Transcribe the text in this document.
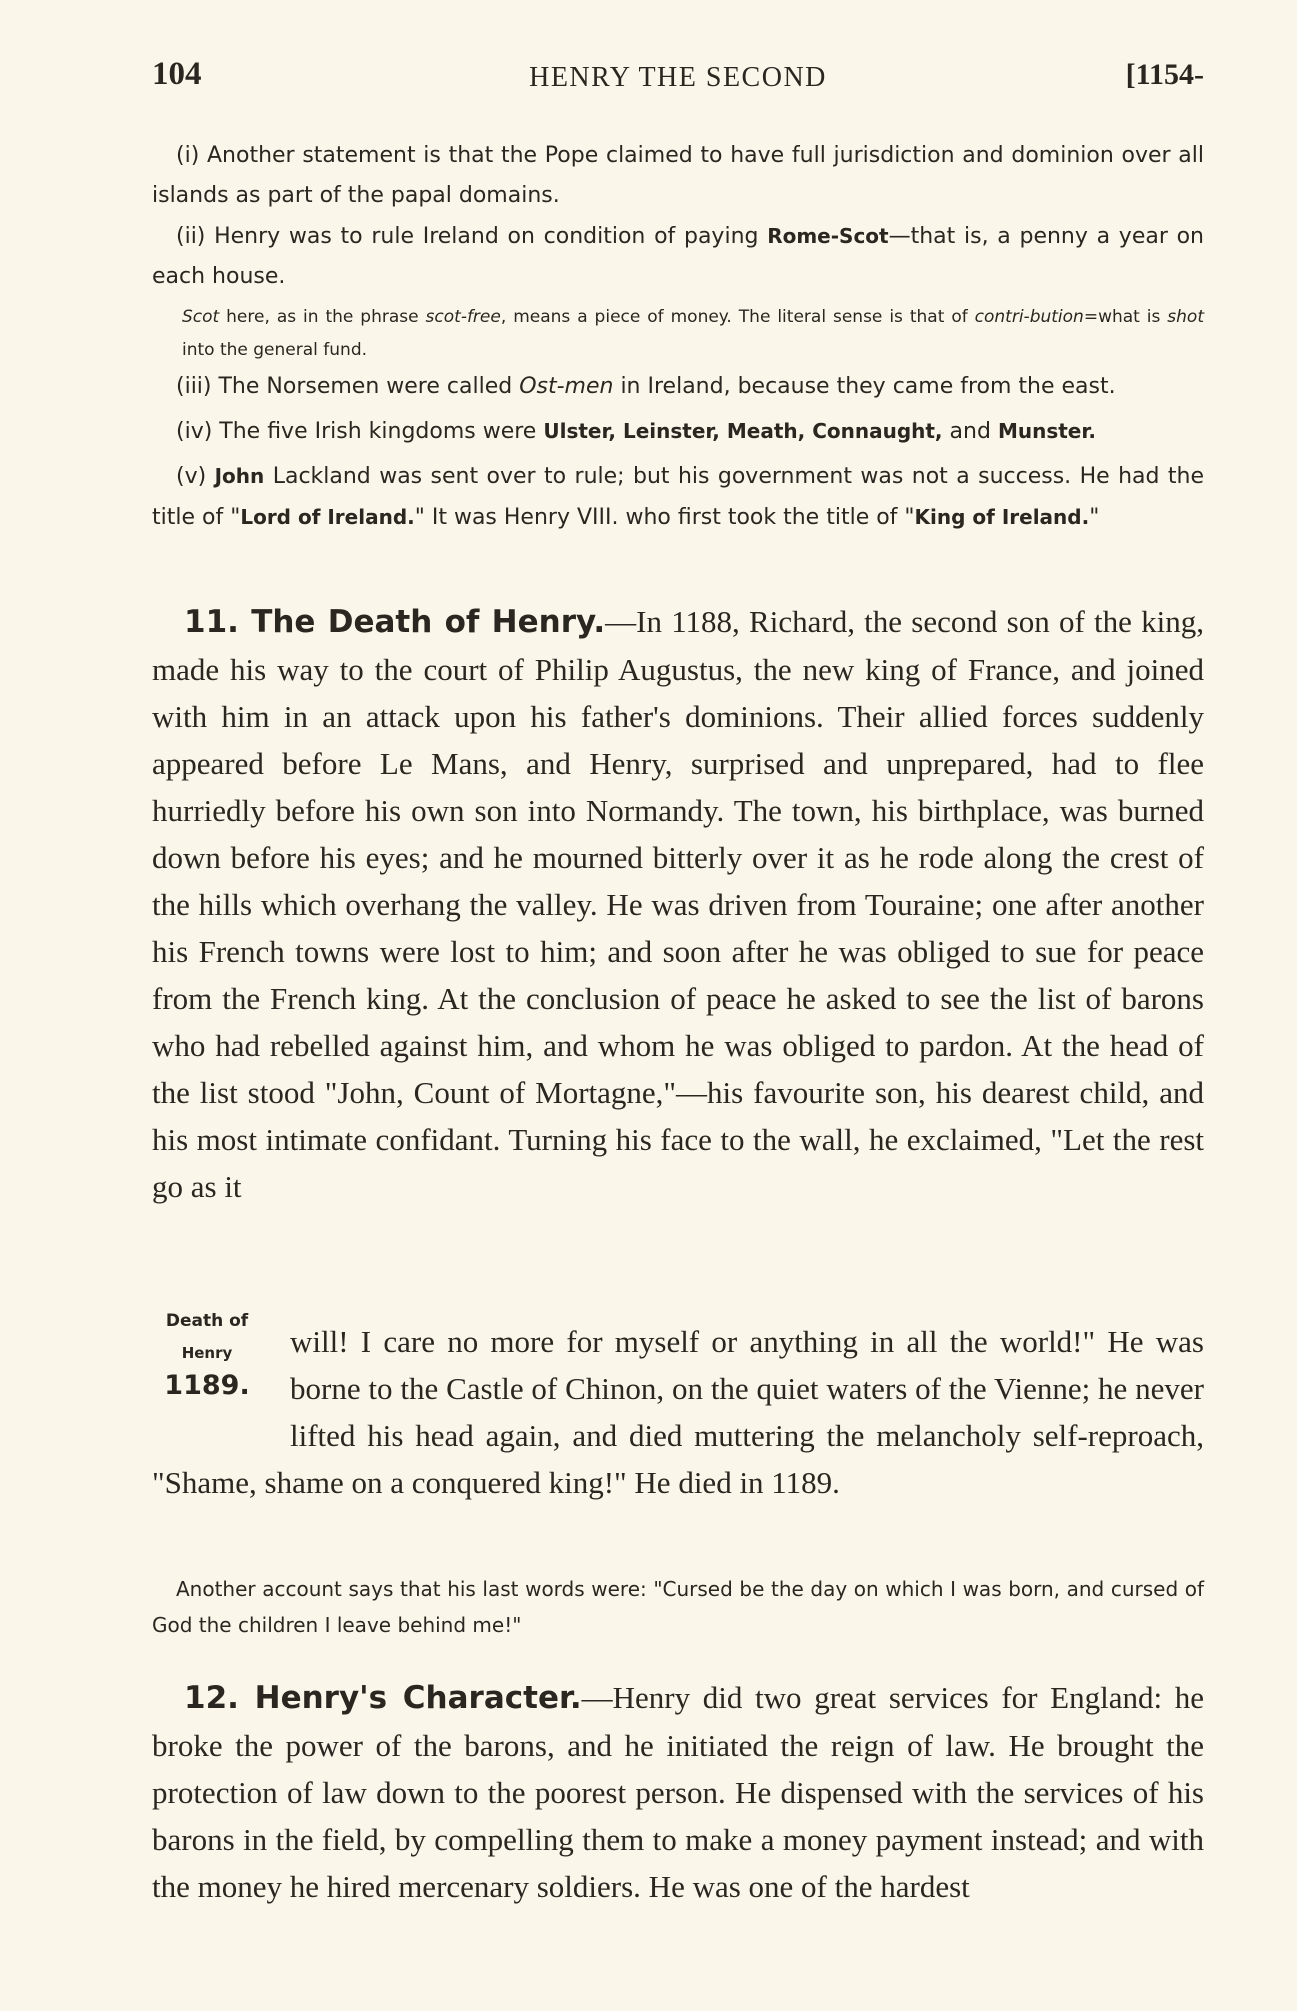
104	HENRY THE SECOND	[1154-

(i) Another statement is that the Pope claimed to have full jurisdiction and dominion over all islands as part of the papal domains.

(ii) Henry was to rule Ireland on condition of paying Rome-Scot—that is, a penny a year on each house.

Scot here, as in the phrase scot-free, means a piece of money. The literal sense is that of contri-bution=what is shot into the general fund.

(iii) The Norsemen were called Ost-men in Ireland, because they came from the east.

(iv) The five Irish kingdoms were Ulster, Leinster, Meath, Connaught, and Munster.

(v) John Lackland was sent over to rule; but his government was not a success. He had the title of "Lord of Ireland." It was Henry VIII. who first took the title of "King of Ireland."

11. The Death of Henry.—In 1188, Richard, the second son of the king, made his way to the court of Philip Augustus, the new king of France, and joined with him in an attack upon his father's dominions. Their allied forces suddenly appeared before Le Mans, and Henry, surprised and unprepared, had to flee hurriedly before his own son into Normandy. The town, his birthplace, was burned down before his eyes; and he mourned bitterly over it as he rode along the crest of the hills which overhang the valley. He was driven from Touraine; one after another his French towns were lost to him; and soon after he was obliged to sue for peace from the French king. At the conclusion of peace he asked to see the list of barons who had rebelled against him, and whom he was obliged to pardon. At the head of the list stood "John, Count of Mortagne,"—his favourite son, his dearest child, and his most intimate confidant. Turning his face to the wall, he exclaimed, "Let the rest go as it

Death of
Henry
1189.

will! I care no more for myself or anything in all the world!" He was borne to the Castle of Chinon, on the quiet waters of the Vienne; he never lifted his head again, and died muttering the melancholy self-reproach, "Shame, shame on a conquered king!" He died in 1189.

Another account says that his last words were: "Cursed be the day on which I was born, and cursed of God the children I leave behind me!"

12. Henry's Character.—Henry did two great services for England: he broke the power of the barons, and he initiated the reign of law. He brought the protection of law down to the poorest person. He dispensed with the services of his barons in the field, by compelling them to make a money payment instead; and with the money he hired mercenary soldiers. He was one of the hardest
